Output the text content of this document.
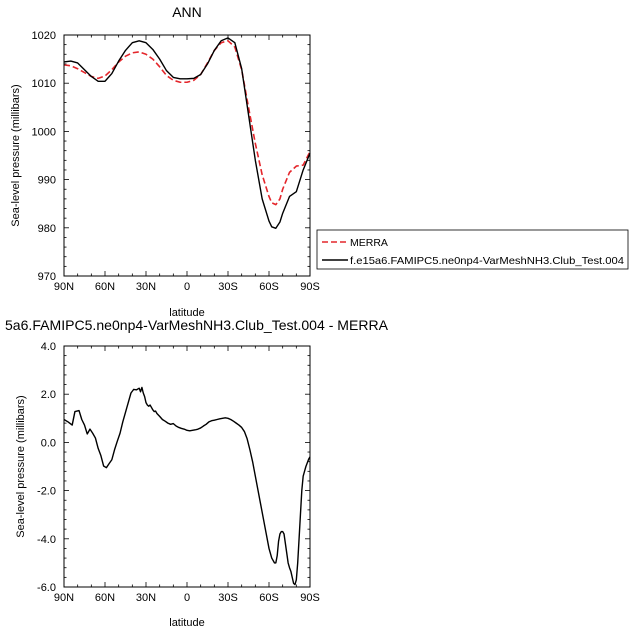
ANN
90N 60N 30N	0	30S 60S 90S
970
980
990
1000
1010
1020
latitude
Sea-level pressure (millibars)
MERRA
f.e15a6.FAMIPC5.ne0np4-VarMeshNH3.Club_Test.004
5a6.FAMIPC5.ne0np4-VarMeshNH3.Club_Test.004 - MERRA
90N 60N 30N	0	30S 60S 90S
-6.0
-4.0
-2.0
0.0
2.0
4.0
latitude
Sea-level pressure (millibars)
